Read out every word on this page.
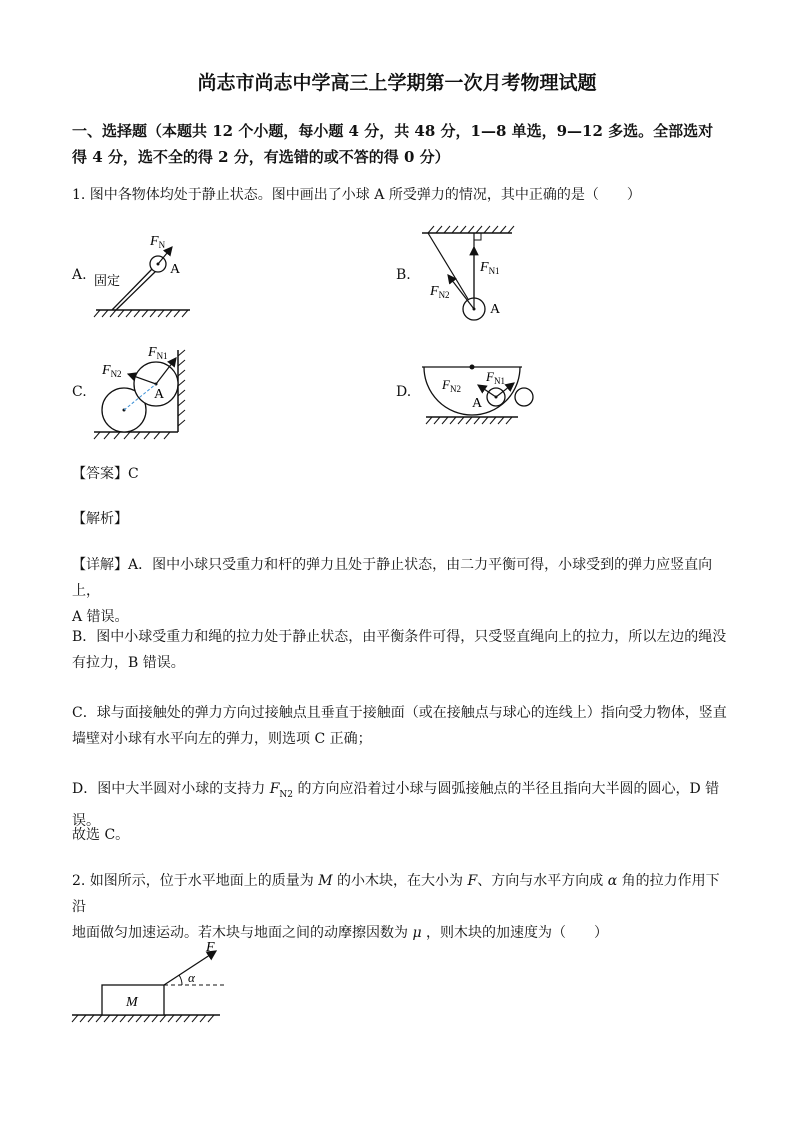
尚志市尚志中学高三上学期第一次月考物理试题
一、选择题（本题共 12 个小题，每小题 4 分，共 48 分，1—8 单选，9—12 多选。全部选对
得 4 分，选不全的得 2 分，有选错的或不答的得 0 分）
1. 图中各物体均处于静止状态。图中画出了小球 A 所受弹力的情况，其中正确的是（　　）
A.	B.
C.	D.
$F_N$
A
固定
$F_{N1}$
$F_{N2}$
A
$F_{N1}$
$F_{N2}$
A
$F_{N1}$
$F_{N2}$
A
【答案】C
【解析】
【详解】A．图中小球只受重力和杆的弹力且处于静止状态，由二力平衡可得，小球受到的弹力应竖直向上，
A 错误。
B．图中小球受重力和绳的拉力处于静止状态，由平衡条件可得，只受竖直绳向上的拉力，所以左边的绳没
有拉力，B 错误。
C．球与面接触处的弹力方向过接触点且垂直于接触面（或在接触点与球心的连线上）指向受力物体，竖直
墙壁对小球有水平向左的弹力，则选项 C 正确；
D．图中大半圆对小球的支持力 $F_{N2}$ 的方向应沿着过小球与圆弧接触点的半径且指向大半圆的圆心，D 错误。
故选 C。
2. 如图所示，位于水平地面上的质量为 M 的小木块，在大小为 F、方向与水平方向成 α 角的拉力作用下沿
地面做匀加速运动。若木块与地面之间的动摩擦因数为 μ ，则木块的加速度为（　　）
M
α
F
